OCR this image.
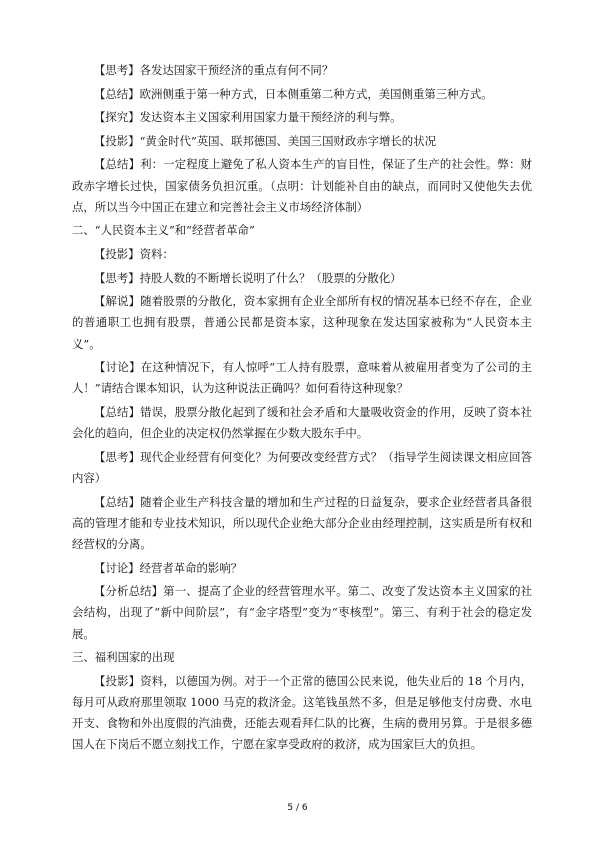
【思考】各发达国家干预经济的重点有何不同？

【总结】欧洲侧重于第一种方式，日本侧重第二种方式，美国侧重第三种方式。

【探究】发达资本主义国家利用国家力量干预经济的利与弊。

【投影】“黄金时代”英国、联邦德国、美国三国财政赤字增长的状况

【总结】利：一定程度上避免了私人资本生产的盲目性，保证了生产的社会性。弊：财政赤字增长过快，国家债务负担沉重。（点明：计划能补自由的缺点，而同时又使他失去优点，所以当今中国正在建立和完善社会主义市场经济体制）

二、“人民资本主义”和“经营者革命”

【投影】资料：

【思考】持股人数的不断增长说明了什么？（股票的分散化）

【解说】随着股票的分散化，资本家拥有企业全部所有权的情况基本已经不存在，企业的普通职工也拥有股票，普通公民都是资本家，这种现象在发达国家被称为“人民资本主义”。

【讨论】在这种情况下，有人惊呼“工人持有股票，意味着从被雇用者变为了公司的主人！”请结合课本知识，认为这种说法正确吗？如何看待这种现象？

【总结】错误，股票分散化起到了缓和社会矛盾和大量吸收资金的作用，反映了资本社会化的趋向，但企业的决定权仍然掌握在少数大股东手中。

【思考】现代企业经营有何变化？为何要改变经营方式？（指导学生阅读课文相应回答内容）

【总结】随着企业生产科技含量的增加和生产过程的日益复杂，要求企业经营者具备很高的管理才能和专业技术知识，所以现代企业绝大部分企业由经理控制，这实质是所有权和经营权的分离。

【讨论】经营者革命的影响？

【分析总结】第一、提高了企业的经营管理水平。第二、改变了发达资本主义国家的社会结构，出现了“新中间阶层”，有“金字塔型”变为“枣核型”。第三、有利于社会的稳定发展。

三、福利国家的出现

【投影】资料，以德国为例。对于一个正常的德国公民来说，他失业后的 18 个月内，每月可从政府那里领取 1000 马克的救济金。这笔钱虽然不多，但是足够他支付房费、水电开支、食物和外出度假的汽油费，还能去观看拜仁队的比赛，生病的费用另算。于是很多德国人在下岗后不愿立刻找工作，宁愿在家享受政府的救济，成为国家巨大的负担。

5 / 6
